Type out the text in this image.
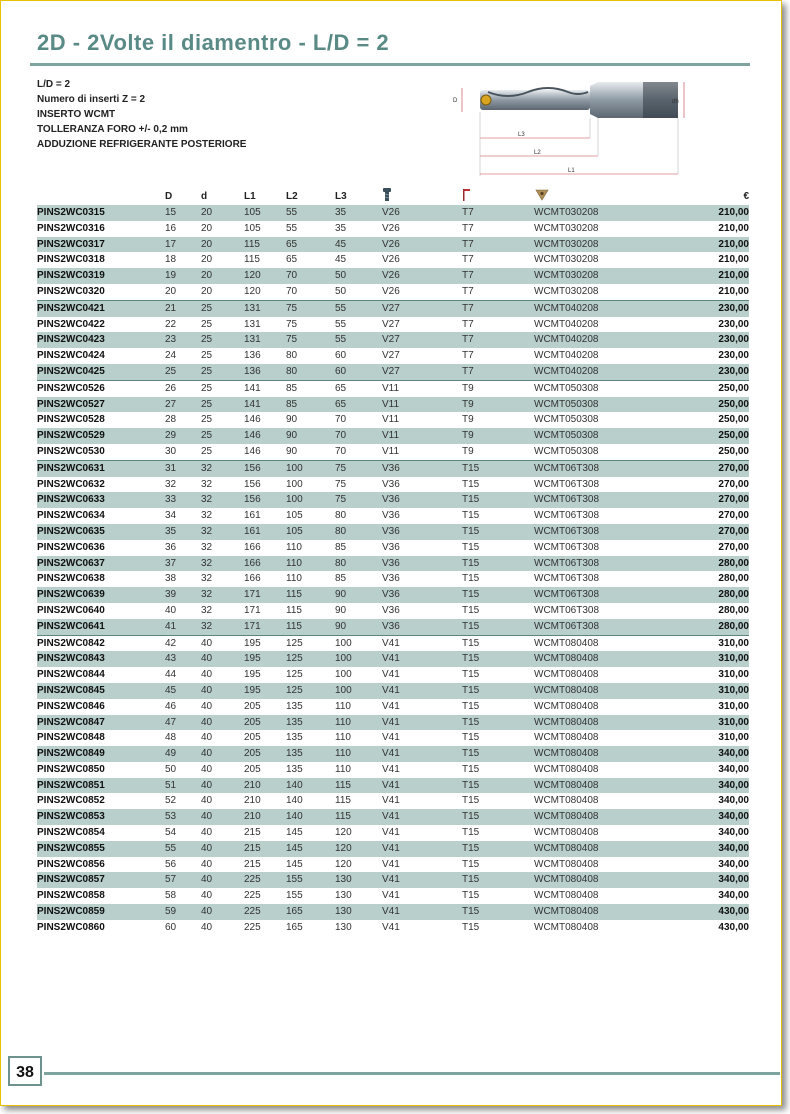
2D - 2Volte il diamentro - L/D = 2
L/D = 2
Numero di inserti Z = 2
INSERTO WCMT
TOLLERANZA FORO +/- 0,2 mm
ADDUZIONE REFRIGERANTE POSTERIORE
D	dh
L3
L2
L1
	D	d	L1	L2	L3				€
PINS2WC0315	15	20	105	55	35	V26	T7	WCMT030208	210,00
PINS2WC0316	16	20	105	55	35	V26	T7	WCMT030208	210,00
PINS2WC0317	17	20	115	65	45	V26	T7	WCMT030208	210,00
PINS2WC0318	18	20	115	65	45	V26	T7	WCMT030208	210,00
PINS2WC0319	19	20	120	70	50	V26	T7	WCMT030208	210,00
PINS2WC0320	20	20	120	70	50	V26	T7	WCMT030208	210,00
PINS2WC0421	21	25	131	75	55	V27	T7	WCMT040208	230,00
PINS2WC0422	22	25	131	75	55	V27	T7	WCMT040208	230,00
PINS2WC0423	23	25	131	75	55	V27	T7	WCMT040208	230,00
PINS2WC0424	24	25	136	80	60	V27	T7	WCMT040208	230,00
PINS2WC0425	25	25	136	80	60	V27	T7	WCMT040208	230,00
PINS2WC0526	26	25	141	85	65	V11	T9	WCMT050308	250,00
PINS2WC0527	27	25	141	85	65	V11	T9	WCMT050308	250,00
PINS2WC0528	28	25	146	90	70	V11	T9	WCMT050308	250,00
PINS2WC0529	29	25	146	90	70	V11	T9	WCMT050308	250,00
PINS2WC0530	30	25	146	90	70	V11	T9	WCMT050308	250,00
PINS2WC0631	31	32	156	100	75	V36	T15	WCMT06T308	270,00
PINS2WC0632	32	32	156	100	75	V36	T15	WCMT06T308	270,00
PINS2WC0633	33	32	156	100	75	V36	T15	WCMT06T308	270,00
PINS2WC0634	34	32	161	105	80	V36	T15	WCMT06T308	270,00
PINS2WC0635	35	32	161	105	80	V36	T15	WCMT06T308	270,00
PINS2WC0636	36	32	166	110	85	V36	T15	WCMT06T308	270,00
PINS2WC0637	37	32	166	110	80	V36	T15	WCMT06T308	280,00
PINS2WC0638	38	32	166	110	85	V36	T15	WCMT06T308	280,00
PINS2WC0639	39	32	171	115	90	V36	T15	WCMT06T308	280,00
PINS2WC0640	40	32	171	115	90	V36	T15	WCMT06T308	280,00
PINS2WC0641	41	32	171	115	90	V36	T15	WCMT06T308	280,00
PINS2WC0842	42	40	195	125	100	V41	T15	WCMT080408	310,00
PINS2WC0843	43	40	195	125	100	V41	T15	WCMT080408	310,00
PINS2WC0844	44	40	195	125	100	V41	T15	WCMT080408	310,00
PINS2WC0845	45	40	195	125	100	V41	T15	WCMT080408	310,00
PINS2WC0846	46	40	205	135	110	V41	T15	WCMT080408	310,00
PINS2WC0847	47	40	205	135	110	V41	T15	WCMT080408	310,00
PINS2WC0848	48	40	205	135	110	V41	T15	WCMT080408	310,00
PINS2WC0849	49	40	205	135	110	V41	T15	WCMT080408	340,00
PINS2WC0850	50	40	205	135	110	V41	T15	WCMT080408	340,00
PINS2WC0851	51	40	210	140	115	V41	T15	WCMT080408	340,00
PINS2WC0852	52	40	210	140	115	V41	T15	WCMT080408	340,00
PINS2WC0853	53	40	210	140	115	V41	T15	WCMT080408	340,00
PINS2WC0854	54	40	215	145	120	V41	T15	WCMT080408	340,00
PINS2WC0855	55	40	215	145	120	V41	T15	WCMT080408	340,00
PINS2WC0856	56	40	215	145	120	V41	T15	WCMT080408	340,00
PINS2WC0857	57	40	225	155	130	V41	T15	WCMT080408	340,00
PINS2WC0858	58	40	225	155	130	V41	T15	WCMT080408	340,00
PINS2WC0859	59	40	225	165	130	V41	T15	WCMT080408	430,00
PINS2WC0860	60	40	225	165	130	V41	T15	WCMT080408	430,00
38
